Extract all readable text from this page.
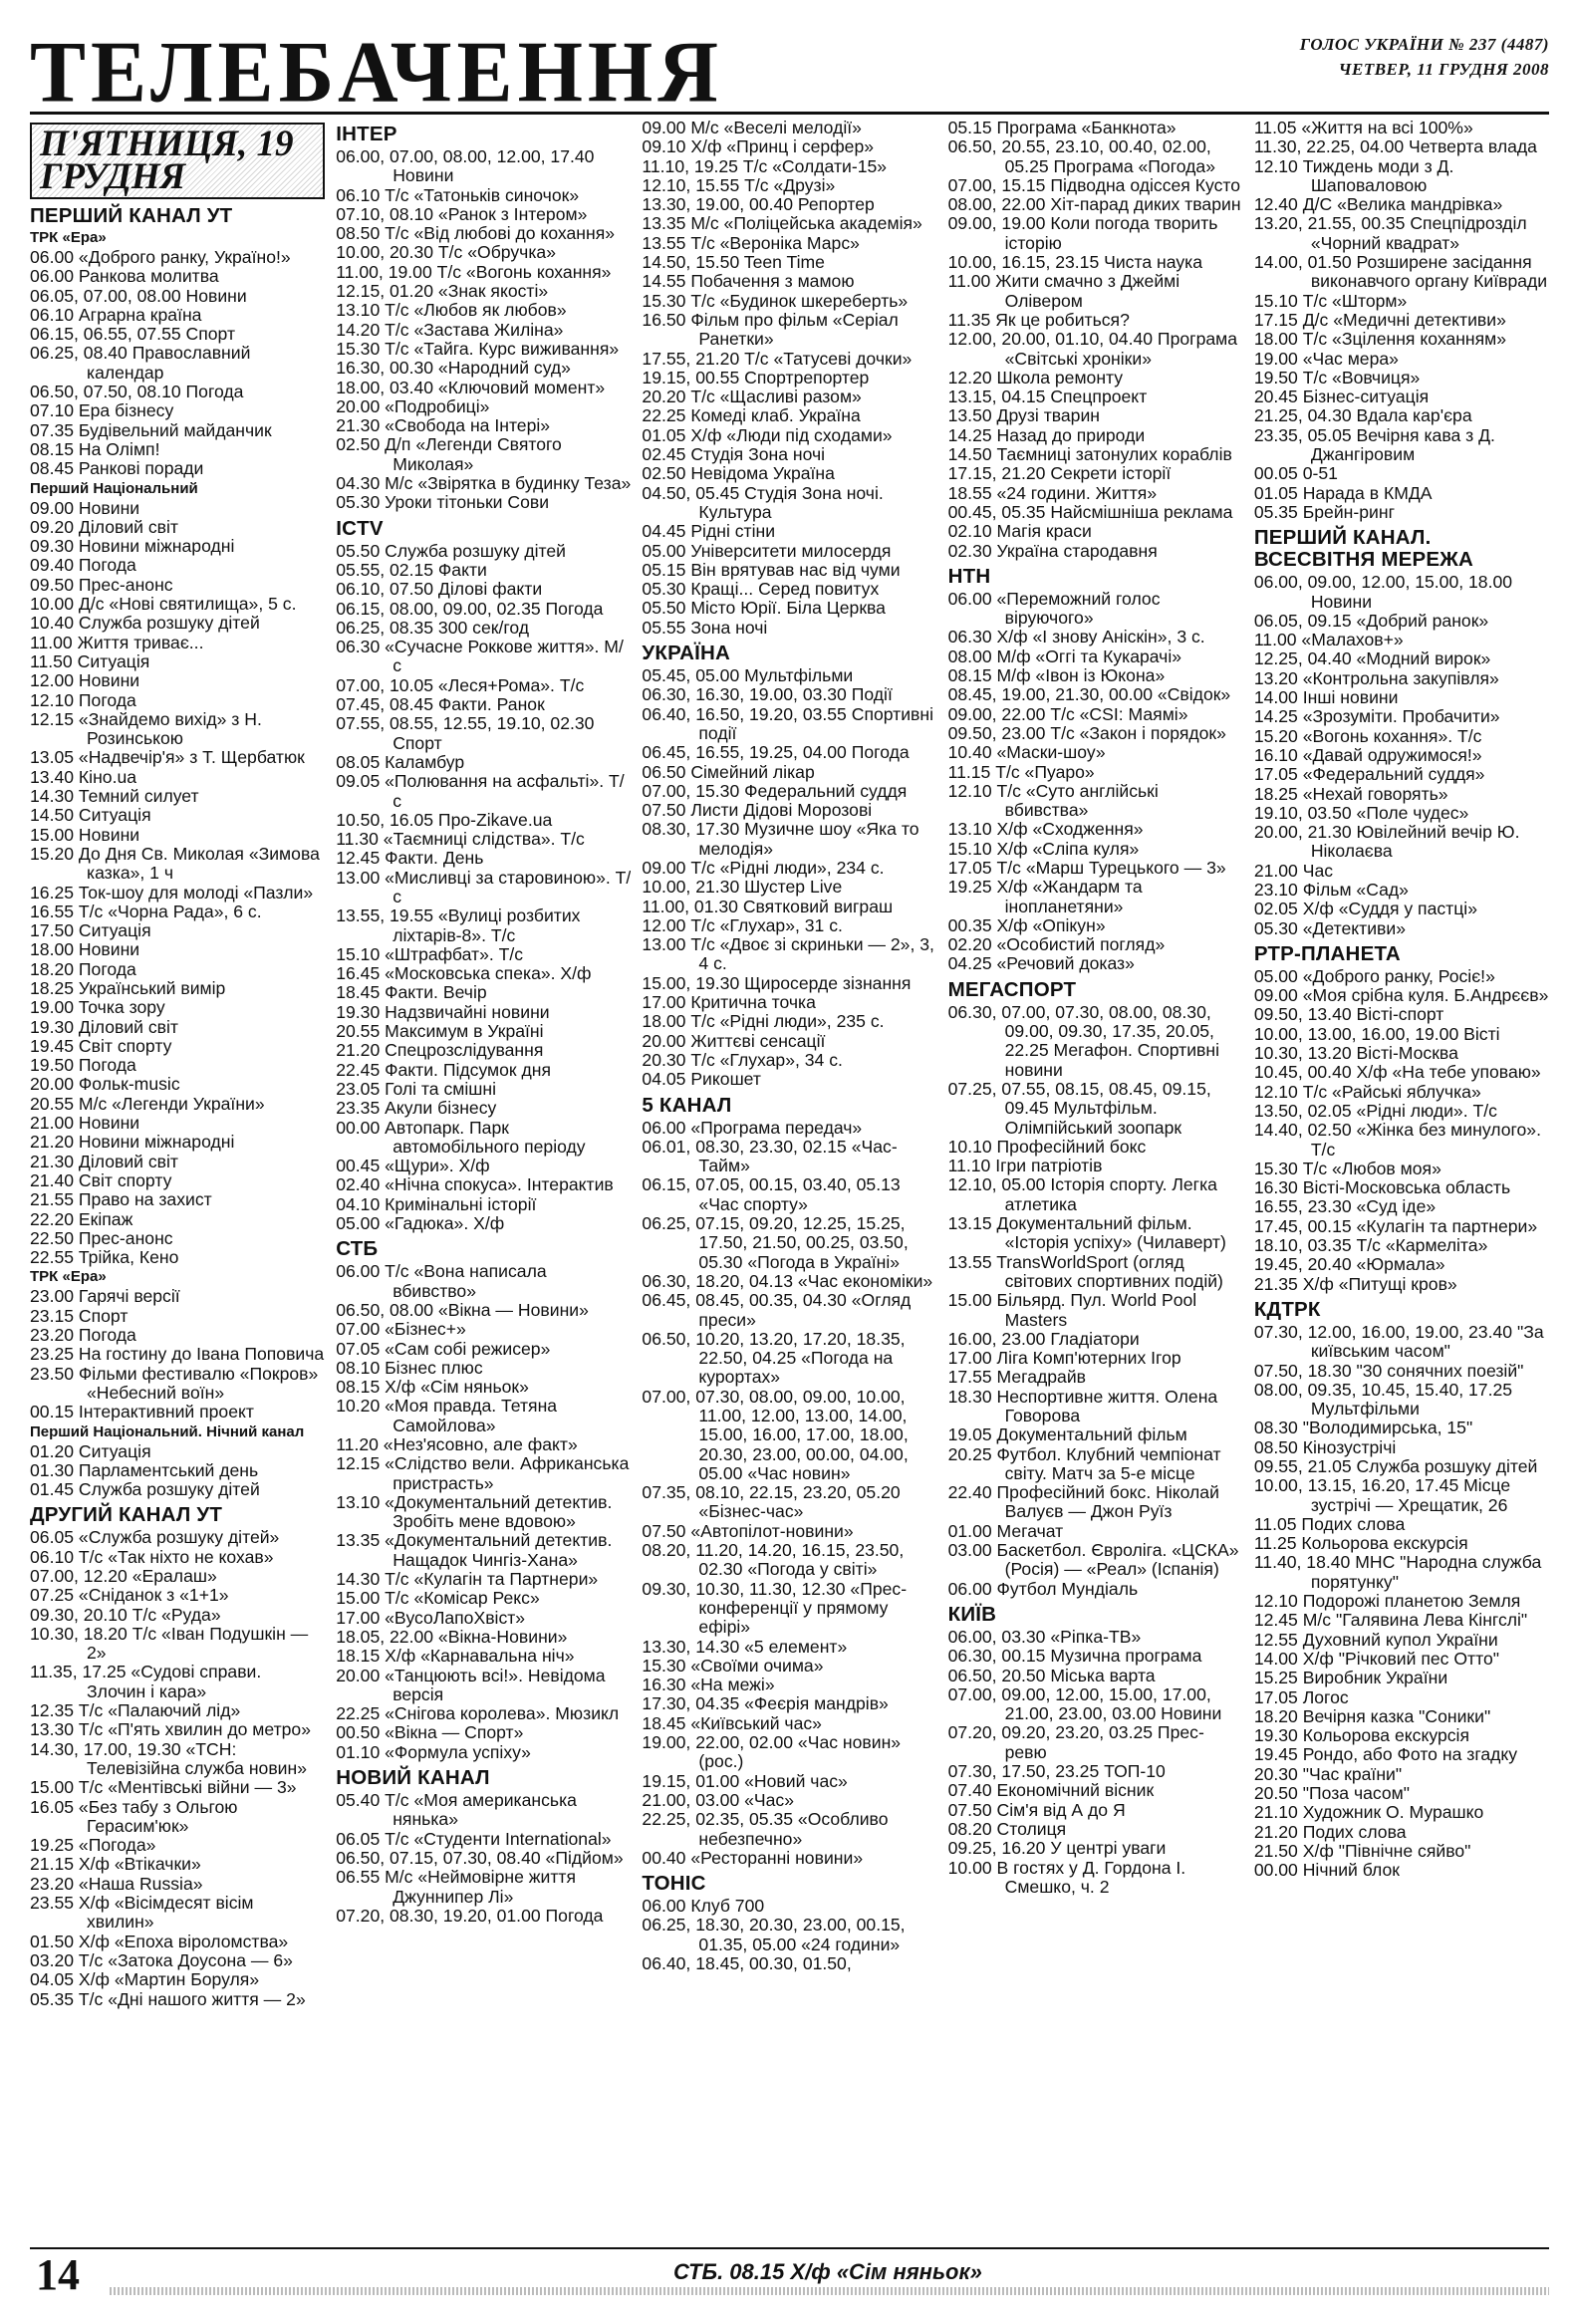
ТЕЛЕБАЧЕННЯ	ГОЛОС УКРАЇНИ № 237 (4487)
ЧЕТВЕР, 11 ГРУДНЯ 2008
П'ЯТНИЦЯ, 19 ГРУДНЯ
ПЕРШИЙ КАНАЛ УТ
ТРК «Ера»
06.00 «Доброго ранку, Україно!»
06.00 Ранкова молитва
06.05, 07.00, 08.00 Новини
06.10 Аграрна країна
06.15, 06.55, 07.55 Спорт
06.25, 08.40 Православний календар
06.50, 07.50, 08.10 Погода
07.10 Ера бізнесу
07.35 Будівельний майданчик
08.15 На Олімп!
08.45 Ранкові поради
Перший Національний
09.00 Новини
09.20 Діловий світ
09.30 Новини міжнародні
09.40 Погода
09.50 Прес-анонс
10.00 Д/с «Нові святилища», 5 с.
10.40 Служба розшуку дітей
11.00 Життя триває...
11.50 Ситуація
12.00 Новини
12.10 Погода
12.15 «Знайдемо вихід» з Н. Розинською
13.05 «Надвечір'я» з Т. Щербатюк
13.40 Кіно.ua
14.30 Темний силует
14.50 Ситуація
15.00 Новини
15.20 До Дня Св. Миколая «Зимова казка», 1 ч
16.25 Ток-шоу для молоді «Пазли»
16.55 Т/с «Чорна Рада», 6 с.
17.50 Ситуація
18.00 Новини
18.20 Погода
18.25 Український вимір
19.00 Точка зору
19.30 Діловий світ
19.45 Світ спорту
19.50 Погода
20.00 Фольк-music
20.55 М/с «Легенди України»
21.00 Новини
21.20 Новини міжнародні
21.30 Діловий світ
21.40 Світ спорту
21.55 Право на захист
22.20 Екіпаж
22.50 Прес-анонс
22.55 Трійка, Кено
ТРК «Ера»
23.00 Гарячі версії
23.15 Спорт
23.20 Погода
23.25 На гостину до Івана Поповича
23.50 Фільми фестивалю «Покров» «Небесний воїн»
00.15 Інтерактивний проект
Перший Національний. Нічний канал
01.20 Ситуація
01.30 Парламентський день
01.45 Служба розшуку дітей
ДРУГИЙ КАНАЛ УТ
06.05 «Служба розшуку дітей»
06.10 Т/с «Так ніхто не кохав»
07.00, 12.20 «Ералаш»
07.25 «Сніданок з «1+1»
09.30, 20.10 Т/с «Руда»
10.30, 18.20 Т/с «Іван Подушкін — 2»
11.35, 17.25 «Судові справи. Злочин і кара»
12.35 Т/с «Палаючий лід»
13.30 Т/с «П'ять хвилин до метро»
14.30, 17.00, 19.30 «ТСН: Телевізійна служба новин»
15.00 Т/с «Ментівські війни — 3»
16.05 «Без табу з Ольгою Герасим'юк»
19.25 «Погода»
21.15 Х/ф «Втікачки»
23.20 «Наша Russia»
23.55 Х/ф «Вісімдесят вісім хвилин»
01.50 Х/ф «Епоха віроломства»
03.20 Т/с «Затока Доусона — 6»
04.05 Х/ф «Мартин Боруля»
05.35 Т/с «Дні нашого життя — 2»
ІНТЕР
06.00, 07.00, 08.00, 12.00, 17.40 Новини
06.10 Т/с «Татоньків синочок»
07.10, 08.10 «Ранок з Інтером»
08.50 Т/с «Від любові до кохання»
10.00, 20.30 Т/с «Обручка»
11.00, 19.00 Т/с «Вогонь кохання»
12.15, 01.20 «Знак якості»
13.10 Т/с «Любов як любов»
14.20 Т/с «Застава Жиліна»
15.30 Т/с «Тайга. Курс виживання»
16.30, 00.30 «Народний суд»
18.00, 03.40 «Ключовий момент»
20.00 «Подробиці»
21.30 «Свобода на Інтері»
02.50 Д/п «Легенди Святого Миколая»
04.30 М/с «Звірятка в будинку Теза»
05.30 Уроки тітоньки Сови
ICTV
05.50 Служба розшуку дітей
05.55, 02.15 Факти
06.10, 07.50 Ділові факти
06.15, 08.00, 09.00, 02.35 Погода
06.25, 08.35 300 сек/год
06.30 «Сучасне Роккове життя». М/с
07.00, 10.05 «Леся+Рома». Т/с
07.45, 08.45 Факти. Ранок
07.55, 08.55, 12.55, 19.10, 02.30 Спорт
08.05 Каламбур
09.05 «Полювання на асфальті». Т/с
10.50, 16.05 Про-Zikave.ua
11.30 «Таємниці слідства». Т/с
12.45 Факти. День
13.00 «Мисливці за старовиною». Т/с
13.55, 19.55 «Вулиці розбитих ліхтарів-8». Т/с
15.10 «Штрафбат». Т/с
16.45 «Московська спека». Х/ф
18.45 Факти. Вечір
19.30 Надзвичайні новини
20.55 Максимум в Україні
21.20 Спецрозслідування
22.45 Факти. Підсумок дня
23.05 Голі та смішні
23.35 Акули бізнесу
00.00 Автопарк. Парк автомобільного періоду
00.45 «Щури». Х/ф
02.40 «Нічна спокуса». Інтерактив
04.10 Кримінальні історії
05.00 «Гадюка». Х/ф
СТБ
06.00 Т/с «Вона написала вбивство»
06.50, 08.00 «Вікна — Новини»
07.00 «Бізнес+»
07.05 «Сам собі режисер»
08.10 Бізнес плюс
08.15 Х/ф «Сім няньок»
10.20 «Моя правда. Тетяна Самойлова»
11.20 «Нез'ясовно, але факт»
12.15 «Слідство вели. Африканська пристрасть»
13.10 «Документальний детектив. Зробіть мене вдовою»
13.35 «Документальний детектив. Нащадок Чингіз-Хана»
14.30 Т/с «Кулагін та Партнери»
15.00 Т/с «Комісар Рекс»
17.00 «ВусоЛапоХвіст»
18.05, 22.00 «Вікна-Новини»
18.15 Х/ф «Карнавальна ніч»
20.00 «Танцюють всі!». Невідома версія
22.25 «Снігова королева». Мюзикл
00.50 «Вікна — Спорт»
01.10 «Формула успіху»
НОВИЙ КАНАЛ
05.40 Т/с «Моя американська нянька»
06.05 Т/с «Студенти International»
06.50, 07.15, 07.30, 08.40 «Підйом»
06.55 М/с «Неймовірне життя Джуннипер Лі»
07.20, 08.30, 19.20, 01.00 Погода
09.00 М/с «Веселі мелодії»
09.10 Х/ф «Принц і серфер»
11.10, 19.25 Т/с «Солдати-15»
12.10, 15.55 Т/с «Друзі»
13.30, 19.00, 00.40 Репортер
13.35 М/с «Поліцейська академія»
13.55 Т/с «Вероніка Марс»
14.50, 15.50 Teen Time
14.55 Побачення з мамою
15.30 Т/с «Будинок шкереберть»
16.50 Фільм про фільм «Серіал Ранетки»
17.55, 21.20 Т/с «Татусеві дочки»
19.15, 00.55 Спортрепортер
20.20 Т/с «Щасливі разом»
22.25 Комеді клаб. Україна
01.05 Х/ф «Люди під сходами»
02.45 Студія Зона ночі
02.50 Невідома Україна
04.50, 05.45 Студія Зона ночі. Культура
04.45 Рідні стіни
05.00 Університети милосердя
05.15 Він врятував нас від чуми
05.30 Кращі... Серед повитух
05.50 Місто Юрії. Біла Церква
05.55 Зона ночі
УКРАЇНА
05.45, 05.00 Мультфільми
06.30, 16.30, 19.00, 03.30 Події
06.40, 16.50, 19.20, 03.55 Спортивні події
06.45, 16.55, 19.25, 04.00 Погода
06.50 Сімейний лікар
07.00, 15.30 Федеральний суддя
07.50 Листи Дідові Морозові
08.30, 17.30 Музичне шоу «Яка то мелодія»
09.00 Т/с «Рідні люди», 234 с.
10.00, 21.30 Шустер Live
11.00, 01.30 Святковий виграш
12.00 Т/с «Глухар», 31 с.
13.00 Т/с «Двоє зі скриньки — 2», 3, 4 с.
15.00, 19.30 Щиросерде зізнання
17.00 Критична точка
18.00 Т/с «Рідні люди», 235 с.
20.00 Життєві сенсації
20.30 Т/с «Глухар», 34 с.
04.05 Рикошет
5 КАНАЛ
06.00 «Програма передач»
06.01, 08.30, 23.30, 02.15 «Час-Тайм»
06.15, 07.05, 00.15, 03.40, 05.13 «Час спорту»
06.25, 07.15, 09.20, 12.25, 15.25, 17.50, 21.50, 00.25, 03.50, 05.30 «Погода в Україні»
06.30, 18.20, 04.13 «Час економіки»
06.45, 08.45, 00.35, 04.30 «Огляд преси»
06.50, 10.20, 13.20, 17.20, 18.35, 22.50, 04.25 «Погода на курортах»
07.00, 07.30, 08.00, 09.00, 10.00, 11.00, 12.00, 13.00, 14.00, 15.00, 16.00, 17.00, 18.00, 20.30, 23.00, 00.00, 04.00, 05.00 «Час новин»
07.35, 08.10, 22.15, 23.20, 05.20 «Бізнес-час»
07.50 «Автопілот-новини»
08.20, 11.20, 14.20, 16.15, 23.50, 02.30 «Погода у світі»
09.30, 10.30, 11.30, 12.30 «Прес-конференції у прямому ефірі»
13.30, 14.30 «5 елемент»
15.30 «Своїми очима»
16.30 «На межі»
17.30, 04.35 «Феєрія мандрів»
18.45 «Київський час»
19.00, 22.00, 02.00 «Час новин» (рос.)
19.15, 01.00 «Новий час»
21.00, 03.00 «Час»
22.25, 02.35, 05.35 «Особливо небезпечно»
00.40 «Ресторанні новини»
ТОНІС
06.00 Клуб 700
06.25, 18.30, 20.30, 23.00, 00.15, 01.35, 05.00 «24 години»
06.40, 18.45, 00.30, 01.50,
05.15 Програма «Банкнота»
06.50, 20.55, 23.10, 00.40, 02.00, 05.25 Програма «Погода»
07.00, 15.15 Підводна одіссея Кусто
08.00, 22.00 Хіт-парад диких тварин
09.00, 19.00 Коли погода творить історію
10.00, 16.15, 23.15 Чиста наука
11.00 Жити смачно з Джеймі Олівером
11.35 Як це робиться?
12.00, 20.00, 01.10, 04.40 Програма «Світські хроніки»
12.20 Школа ремонту
13.15, 04.15 Спецпроект
13.50 Друзі тварин
14.25 Назад до природи
14.50 Таємниці затонулих кораблів
17.15, 21.20 Секрети історії
18.55 «24 години. Життя»
00.45, 05.35 Найсмішніша реклама
02.10 Магія краси
02.30 Україна стародавня
НТН
06.00 «Переможний голос віруючого»
06.30 Х/ф «І знову Аніскін», 3 с.
08.00 М/ф «Оггі та Кукарачі»
08.15 М/ф «Івон із Юкона»
08.45, 19.00, 21.30, 00.00 «Свідок»
09.00, 22.00 Т/с «CSI: Маямі»
09.50, 23.00 Т/с «Закон і порядок»
10.40 «Маски-шоу»
11.15 Т/с «Пуаро»
12.10 Т/с «Суто англійські вбивства»
13.10 Х/ф «Сходження»
15.10 Х/ф «Сліпа куля»
17.05 Т/с «Марш Турецького — 3»
19.25 Х/ф «Жандарм та інопланетяни»
00.35 Х/ф «Опікун»
02.20 «Особистий погляд»
04.25 «Речовий доказ»
МЕГАСПОРТ
06.30, 07.00, 07.30, 08.00, 08.30, 09.00, 09.30, 17.35, 20.05, 22.25 Мегафон. Спортивні новини
07.25, 07.55, 08.15, 08.45, 09.15, 09.45 Мультфільм. Олімпійський зоопарк
10.10 Професійний бокс
11.10 Ігри патріотів
12.10, 05.00 Історія спорту. Легка атлетика
13.15 Документальний фільм. «Історія успіху» (Чилаверт)
13.55 TransWorldSport (огляд світових спортивних подій)
15.00 Більярд. Пул. World Pool Masters
16.00, 23.00 Гладіатори
17.00 Ліга Комп'ютерних Ігор
17.55 Мегадрайв
18.30 Неспортивне життя. Олена Говорова
19.05 Документальний фільм
20.25 Футбол. Клубний чемпіонат світу. Матч за 5-е місце
22.40 Професійний бокс. Ніколай Валуєв — Джон Руїз
01.00 Мегачат
03.00 Баскетбол. Євроліга. «ЦСКА» (Росія) — «Реал» (Іспанія)
06.00 Футбол Мундіаль
КИЇВ
06.00, 03.30 «Ріпка-ТВ»
06.30, 00.15 Музична програма
06.50, 20.50 Міська варта
07.00, 09.00, 12.00, 15.00, 17.00, 21.00, 23.00, 03.00 Новини
07.20, 09.20, 23.20, 03.25 Прес-ревю
07.30, 17.50, 23.25 ТОП-10
07.40 Економічний вісник
07.50 Сім'я від А до Я
08.20 Столиця
09.25, 16.20 У центрі уваги
10.00 В гостях у Д. Гордона І. Смешко, ч. 2
11.05 «Життя на всі 100%»
11.30, 22.25, 04.00 Четверта влада
12.10 Тиждень моди з Д. Шаповаловою
12.40 Д/С «Велика мандрівка»
13.20, 21.55, 00.35 Спецпідрозділ «Чорний квадрат»
14.00, 01.50 Розширене засідання виконавчого органу Київради
15.10 Т/с «Шторм»
17.15 Д/с «Медичні детективи»
18.00 Т/с «Зцілення коханням»
19.00 «Час мера»
19.50 Т/с «Вовчиця»
20.45 Бізнес-ситуація
21.25, 04.30 Вдала кар'єра
23.35, 05.05 Вечірня кава з Д. Джангіровим
00.05 0-51
01.05 Нарада в КМДА
05.35 Брейн-ринг
ПЕРШИЙ КАНАЛ. ВСЕСВІТНЯ МЕРЕЖА
06.00, 09.00, 12.00, 15.00, 18.00 Новини
06.05, 09.15 «Добрий ранок»
11.00 «Малахов+»
12.25, 04.40 «Модний вирок»
13.20 «Контрольна закупівля»
14.00 Інші новини
14.25 «Зрозуміти. Пробачити»
15.20 «Вогонь кохання». Т/с
16.10 «Давай одружимося!»
17.05 «Федеральний суддя»
18.25 «Нехай говорять»
19.10, 03.50 «Поле чудес»
20.00, 21.30 Ювілейний вечір Ю. Ніколаєва
21.00 Час
23.10 Фільм «Сад»
02.05 Х/ф «Суддя у пастці»
05.30 «Детективи»
РТР-ПЛАНЕТА
05.00 «Доброго ранку, Росіє!»
09.00 «Моя срібна куля. Б.Андрєєв»
09.50, 13.40 Вісті-спорт
10.00, 13.00, 16.00, 19.00 Вісті
10.30, 13.20 Вісті-Москва
10.45, 00.40 Х/ф «На тебе уповаю»
12.10 Т/с «Райські яблучка»
13.50, 02.05 «Рідні люди». Т/с
14.40, 02.50 «Жінка без минулого». Т/с
15.30 Т/с «Любов моя»
16.30 Вісті-Московська область
16.55, 23.30 «Суд іде»
17.45, 00.15 «Кулагін та партнери»
18.10, 03.35 Т/с «Кармеліта»
19.45, 20.40 «Юрмала»
21.35 Х/ф «Питущі кров»
КДТРК
07.30, 12.00, 16.00, 19.00, 23.40 "За київським часом"
07.50, 18.30 "30 сонячних поезій"
08.00, 09.35, 10.45, 15.40, 17.25 Мультфільми
08.30 "Володимирська, 15"
08.50 Кінозустрічі
09.55, 21.05 Служба розшуку дітей
10.00, 13.15, 16.20, 17.45 Місце зустрічі — Хрещатик, 26
11.05 Подих слова
11.25 Кольорова екскурсія
11.40, 18.40 МНС "Народна служба порятунку"
12.10 Подорожі планетою Земля
12.45 М/с "Галявина Лева Кінгслі"
12.55 Духовний купол України
14.00 Х/ф "Річковий пес Отто"
15.25 Виробник України
17.05 Логос
18.20 Вечірня казка "Соники"
19.30 Кольорова екскурсія
19.45 Рондо, або Фото на згадку
20.30 "Час країни"
20.50 "Поза часом"
21.10 Художник О. Мурашко
21.20 Подих слова
21.50 Х/ф "Північне сяйво"
00.00 Нічний блок
14	СТБ. 08.15 Х/ф «Сім няньок»
